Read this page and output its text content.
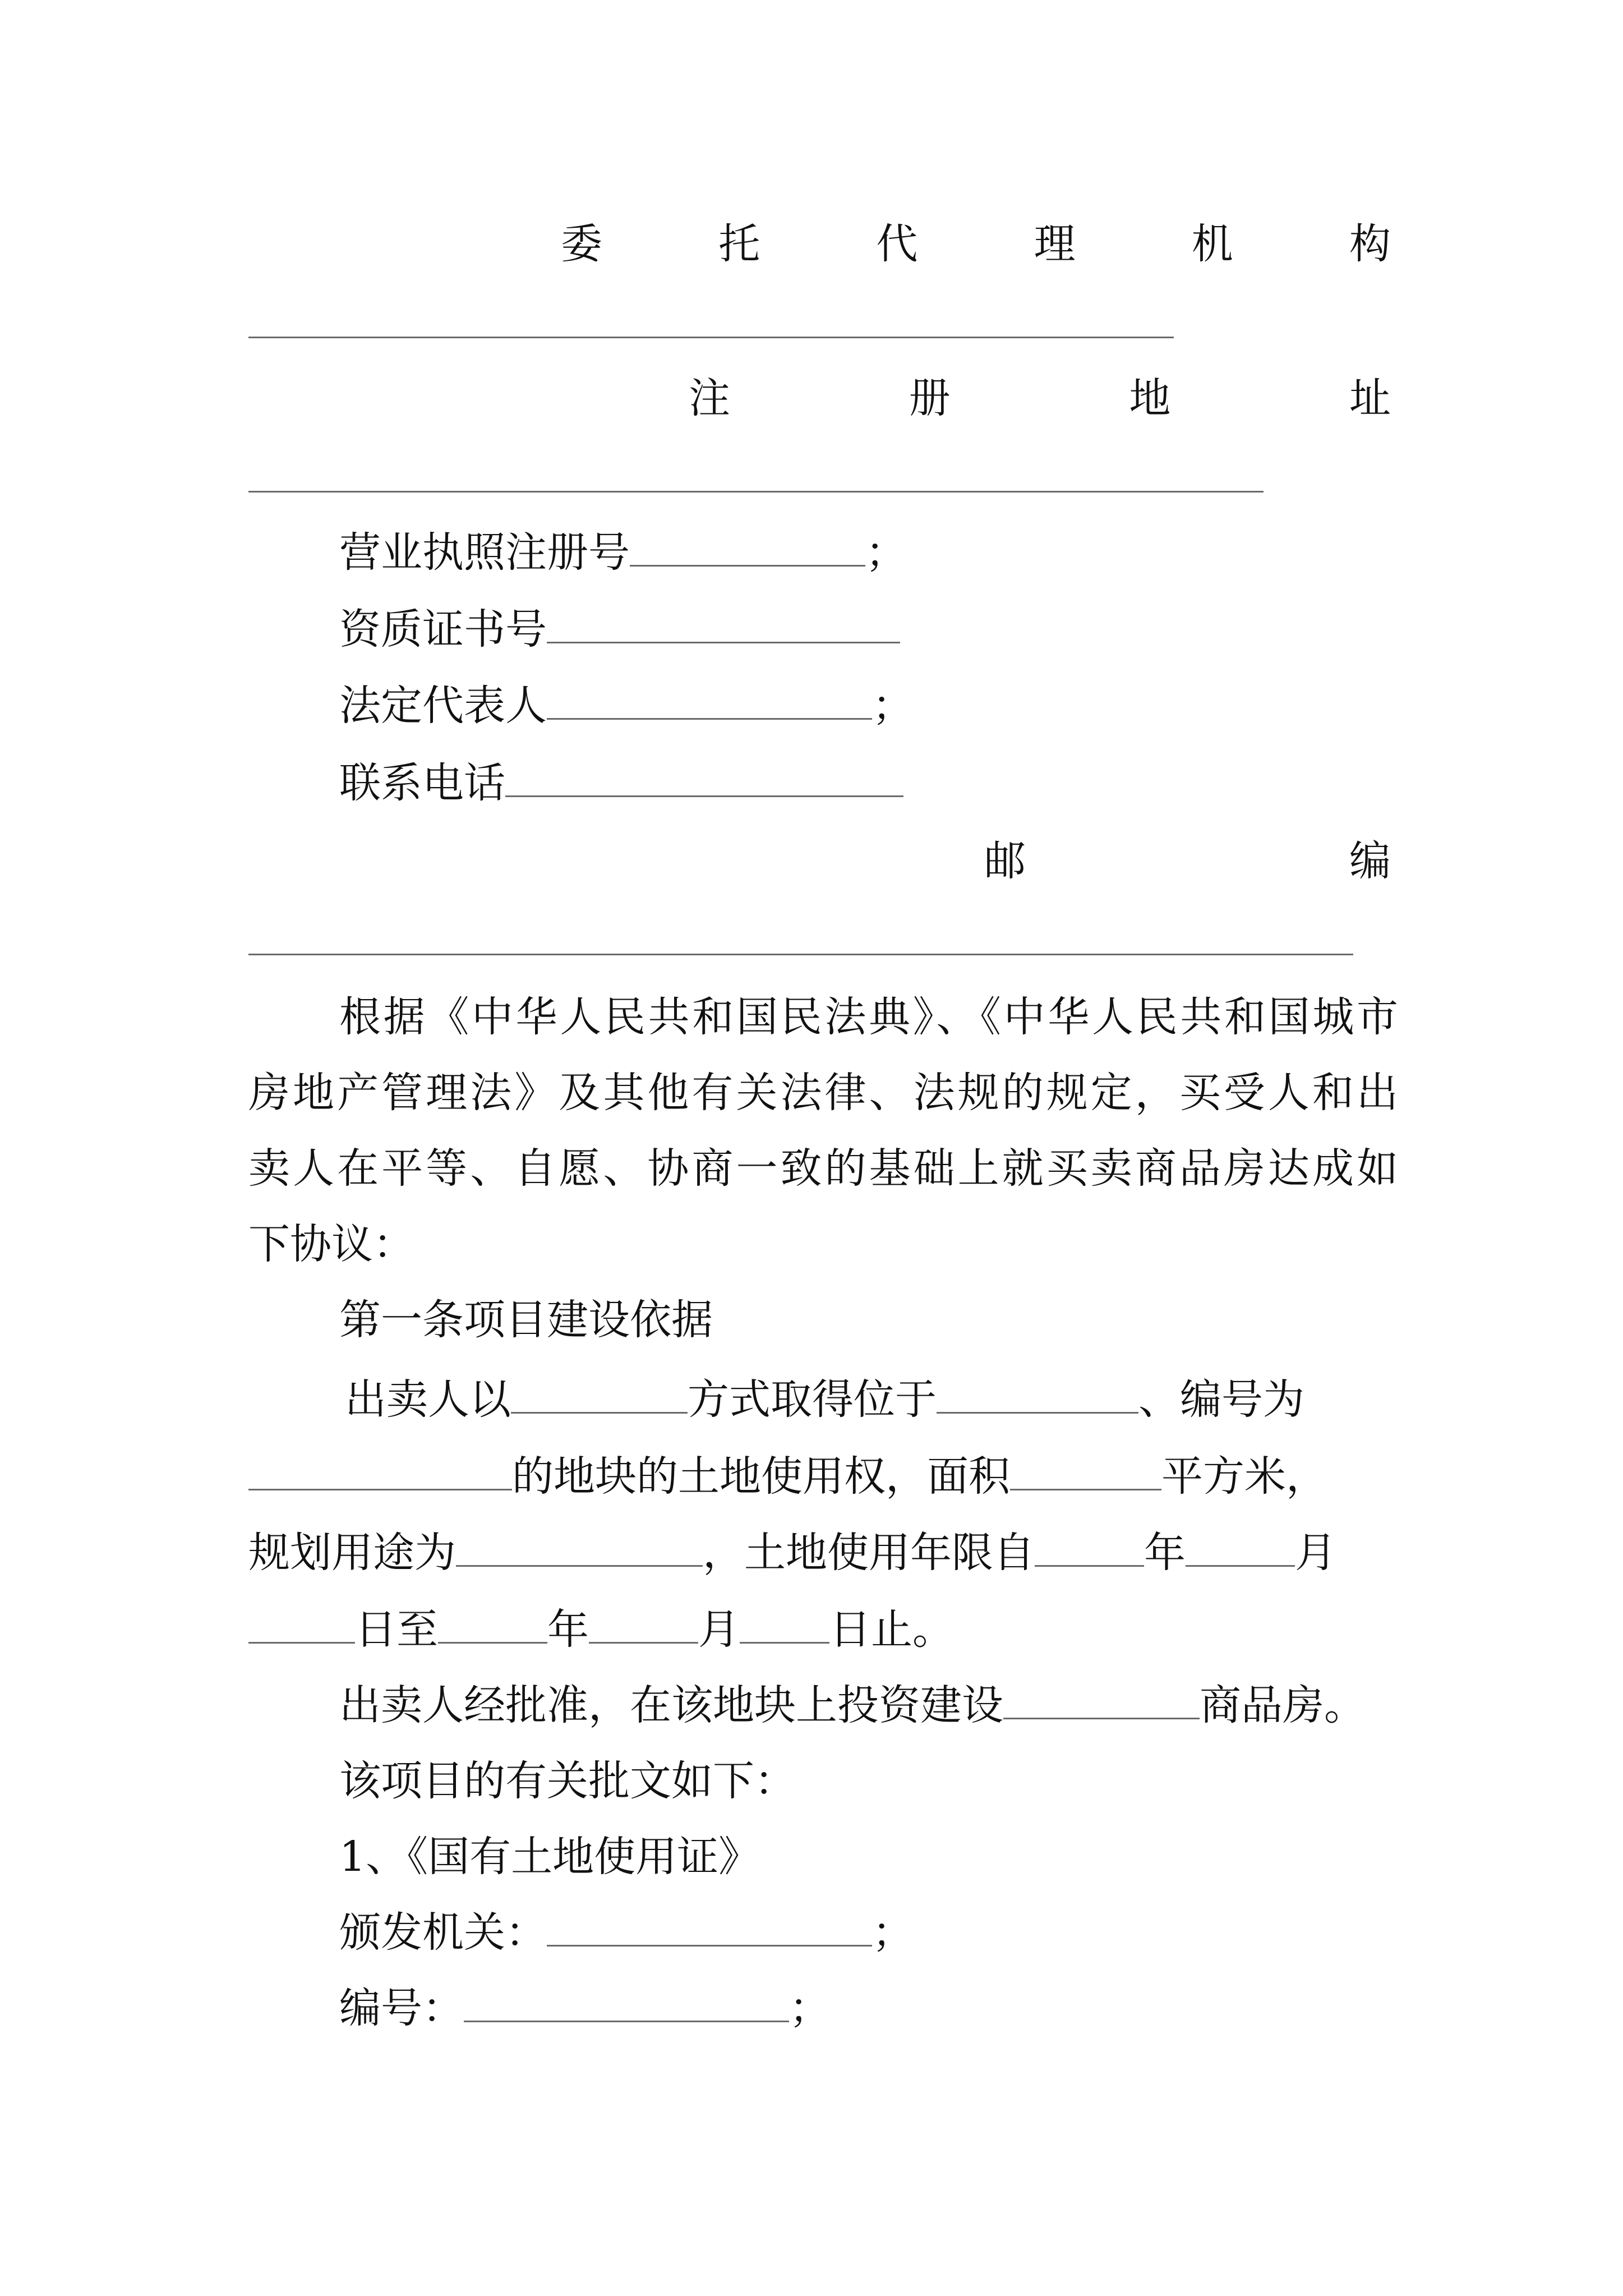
委	托	代	理	机	构
注	册	地	址
营业执照注册号	；
资质证书号
法定代表人	；
联系电话
邮	编
根据《中华人民共和国民法典》、《中华人民共和国城市
房地产管理法》及其他有关法律、法规的规定，买受人和出
卖人在平等、自愿、协商一致的基础上就买卖商品房达成如
下协议：
第一条项目建设依据
出卖人以	方式取得位于	、编号为
的地块的土地使用权，面积	平方米，
规划用途为	，土地使用年限自	年	月
日至	年	月 日止。
出卖人经批准，在该地块上投资建设	商品房。
该项目的有关批文如下：
1、《国有土地使用证》
颁发机关：	；
编号：	；
